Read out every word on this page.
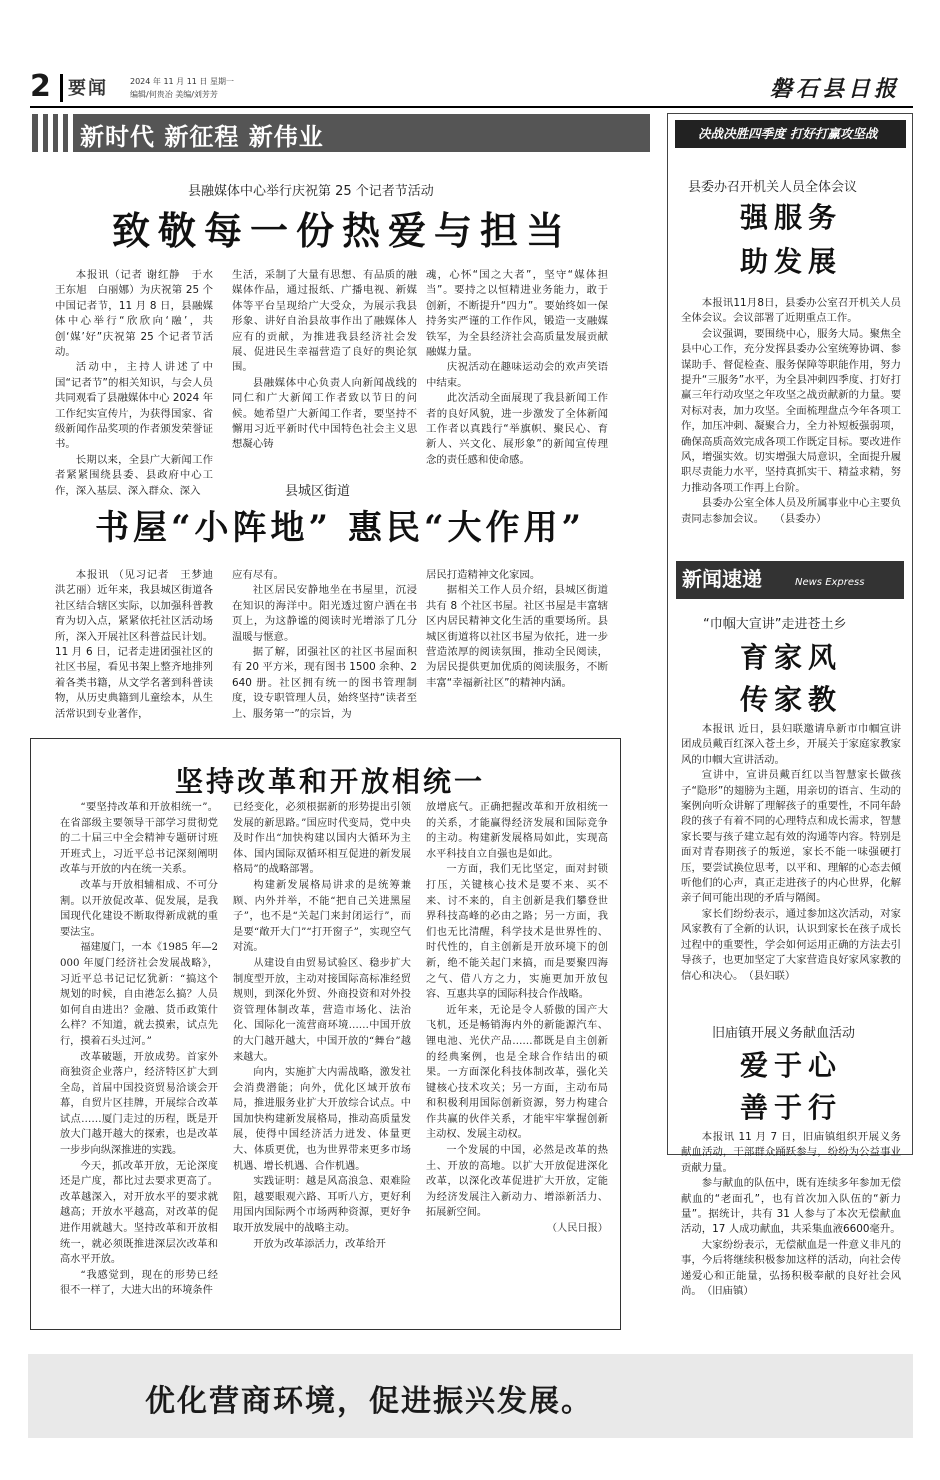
2 要闻	2024 年 11 月 11 日 星期一
编辑/何贵冶 美编/刘芳芳	磐石县日报
新时代 新征程 新伟业
县融媒体中心举行庆祝第 25 个记者节活动
致敬每一份热爱与担当

本报讯（记者 谢红静　于水 王东旭　白丽娜）为庆祝第 25 个中国记者节，11 月 8 日，县融媒体中心举行“欣欣向‘融’，共创‘媒’好”庆祝第 25 个记者节活动。

活动中，主持人讲述了中国“记者节”的相关知识，与会人员共同观看了县融媒体中心 2024 年工作纪实宣传片，为获得国家、省级新闻作品奖项的作者颁发荣誉证书。

长期以来，全县广大新闻工作者紧紧围绕县委、县政府中心工作，深入基层、深入群众、深入

生活，采制了大量有思想、有品质的融媒体作品，通过报纸、广播电视、新媒体等平台呈现给广大受众，为展示我县形象、讲好自治县故事作出了融媒体人应有的贡献，为推进我县经济社会发展、促进民生幸福营造了良好的舆论氛围。

县融媒体中心负责人向新闻战线的同仁和广大新闻工作者致以节日的问候。她希望广大新闻工作者，要坚持不懈用习近平新时代中国特色社会主义思想凝心铸

魂，心怀“国之大者”，坚守“媒体担当”。要持之以恒精进业务能力，敢于创新，不断提升“四力”。要始终如一保持务实严谨的工作作风，锻造一支融媒铁军，为全县经济社会高质量发展贡献融媒力量。

庆祝活动在趣味运动会的欢声笑语中结束。

此次活动全面展现了我县新闻工作者的良好风貌，进一步激发了全体新闻工作者以真践行“举旗帜、聚民心、育新人、兴文化、展形象”的新闻宣传理念的责任感和使命感。

县城区街道
书屋“小阵地” 惠民“大作用”

本报讯 （见习记者　王梦迪 洪艺丽）近年来，我县城区街道各社区结合辖区实际，以加强科普教育为切入点，紧紧依托社区活动场所，深入开展社区科普益民计划。11 月 6 日，记者走进团强社区的社区书屋，看见书架上整齐地排列着各类书籍，从文学名著到科普读物，从历史典籍到儿童绘本，从生活常识到专业著作，

应有尽有。

社区居民安静地坐在书屋里，沉浸在知识的海洋中。阳光透过窗户洒在书页上，为这静谧的阅读时光增添了几分温暖与惬意。

据了解，团强社区的社区书屋面积有 20 平方米，现有图书 1500 余种、2640 册。社区拥有统一的图书管理制度，设专职管理人员，始终坚持“读者至上、服务第一”的宗旨，为

居民打造精神文化家园。

据相关工作人员介绍，县城区街道共有 8 个社区书屋。社区书屋是丰富辖区内居民精神文化生活的重要场所。县城区街道将以社区书屋为依托，进一步营造浓厚的阅读氛围，推动全民阅读，为居民提供更加优质的阅读服务，不断丰富“幸福新社区”的精神内涵。

坚持改革和开放相统一

“要坚持改革和开放相统一”。在省部级主要领导干部学习贯彻党的二十届三中全会精神专题研讨班开班式上，习近平总书记深刻阐明改革与开放的内在统一关系。

改革与开放相辅相成、不可分割。以开放促改革、促发展，是我国现代化建设不断取得新成就的重要法宝。

福建厦门，一本《1985 年—2000 年厦门经济社会发展战略》，习近平总书记记忆犹新：“搞这个规划的时候，自由港怎么搞？人员如何自由进出？金融、货币政策什么样？不知道，就去摸索，试点先行，摸着石头过河。”

改革破题，开放成势。首家外商独资企业落户，经济特区扩大到全岛，首届中国投资贸易洽谈会开幕，自贸片区挂牌，开展综合改革试点……厦门走过的历程，既是开放大门越开越大的探索，也是改革一步步向纵深推进的实践。

今天，抓改革开放，无论深度还是广度，都比过去要求更高了。改革越深入，对开放水平的要求就越高；开放水平越高，对改革的促进作用就越大。坚持改革和开放相统一，就必须既推进深层次改革和高水平开放。

“我感觉到，现在的形势已经很不一样了，大进大出的环境条件

已经变化，必须根据新的形势提出引领发展的新思路。”国应时代变局，党中央及时作出“加快构建以国内大循环为主体、国内国际双循环相互促进的新发展格局”的战略部署。

构建新发展格局讲求的是统筹兼顾、内外并举，不能“把自己关进黑屋子”，也不是“关起门来封闭运行”，而是要“敞开大门”“打开窗子”，实现空气对流。

从建设自由贸易试验区、稳步扩大制度型开放，主动对接国际高标准经贸规则，到深化外贸、外商投资和对外投资管理体制改革，营造市场化、法治化、国际化一流营商环境……中国开放的大门越开越大，中国开放的“舞台”越来越大。

向内，实施扩大内需战略，激发社会消费潜能；向外，优化区域开放布局，推进服务业扩大开放综合试点。中国加快构建新发展格局，推动高质量发展，使得中国经济活力迸发、体量更大、体质更优，也为世界带来更多市场机遇、增长机遇、合作机遇。

实践证明：越是风高浪急、艰难险阻，越要眼观六路、耳听八方，更好利用国内国际两个市场两种资源，更好争取开放发展中的战略主动。

开放为改革添活力，改革给开

放增底气。正确把握改革和开放相统一的关系，才能赢得经济发展和国际竞争的主动。构建新发展格局如此，实现高水平科技自立自强也是如此。

一方面，我们无比坚定，面对封锁打压，关键核心技术是要不来、买不来、讨不来的，自主创新是我们攀登世界科技高峰的必由之路；另一方面，我们也无比清醒，科学技术是世界性的、时代性的，自主创新是开放环境下的创新，绝不能关起门来搞，而是要聚四海之气、借八方之力，实施更加开放包容、互惠共享的国际科技合作战略。

近年来，无论是令人骄傲的国产大飞机，还是畅销海内外的新能源汽车、锂电池、光伏产品……都既是自主创新的经典案例，也是全球合作结出的硕果。一方面深化科技体制改革，强化关键核心技术攻关；另一方面，主动布局和积极利用国际创新资源，努力构建合作共赢的伙伴关系，才能牢牢掌握创新主动权、发展主动权。

一个发展的中国，必然是改革的热土、开放的高地。以扩大开放促进深化改革，以深化改革促进扩大开放，定能为经济发展注入新动力、增添新活力、拓展新空间。

（人民日报）

决战决胜四季度 打好打赢攻坚战
县委办召开机关人员全体会议
强服务
助发展

本报讯11月8日，县委办公室召开机关人员全体会议。会议部署了近期重点工作。

会议强调，要围绕中心，服务大局。聚焦全县中心工作，充分发挥县委办公室统筹协调、参谋助手、督促检查、服务保障等职能作用，努力提升“三服务”水平，为全县冲刺四季度、打好打赢三年行动攻坚之年攻坚之战贡献新的力量。要对标对表，加力攻坚。全面梳理盘点今年各项工作，加压冲刺、凝聚合力，全力补短板强弱项，确保高质高效完成各项工作既定目标。要改进作风，增强实效。切实增强大局意识，全面提升履职尽责能力水平，坚持真抓实干、精益求精，努力推动各项工作再上台阶。

县委办公室全体人员及所属事业中心主要负责同志参加会议。　　（县委办）

新闻速递	News Express
“巾帼大宣讲”走进苍土乡
育家风
传家教

本报讯 近日，县妇联邀请阜新市巾帼宣讲团成员戴百红深入苍土乡，开展关于家庭家教家风的巾帼大宣讲活动。

宣讲中，宣讲员戴百红以当智慧家长做孩子“隐形”的翅膀为主题，用亲切的语言、生动的案例向听众讲解了理解孩子的重要性，不同年龄段的孩子有着不同的心理特点和成长需求，智慧家长要与孩子建立起有效的沟通等内容。特别是面对青春期孩子的叛逆，家长不能一味强硬打压，要尝试换位思考，以平和、理解的心态去倾听他们的心声，真正走进孩子的内心世界，化解亲子间可能出现的矛盾与隔阂。

家长们纷纷表示，通过参加这次活动，对家风家教有了全新的认识，认识到家长在孩子成长过程中的重要性，学会如何运用正确的方法去引导孩子，也更加坚定了大家营造良好家风家教的信心和决心。　（县妇联）

旧庙镇开展义务献血活动
爱于心
善于行

本报讯 11 月 7 日，旧庙镇组织开展义务献血活动，干部群众踊跃参与，纷纷为公益事业贡献力量。

参与献血的队伍中，既有连续多年参加无偿献血的“老面孔”，也有首次加入队伍的“新力量”。据统计，共有 31 人参与了本次无偿献血活动，17 人成功献血，共采集血液6600毫升。

大家纷纷表示，无偿献血是一件意义非凡的事，今后将继续积极参加这样的活动，向社会传递爱心和正能量，弘扬积极奉献的良好社会风尚。　（旧庙镇）

优化营商环境，促进振兴发展。
